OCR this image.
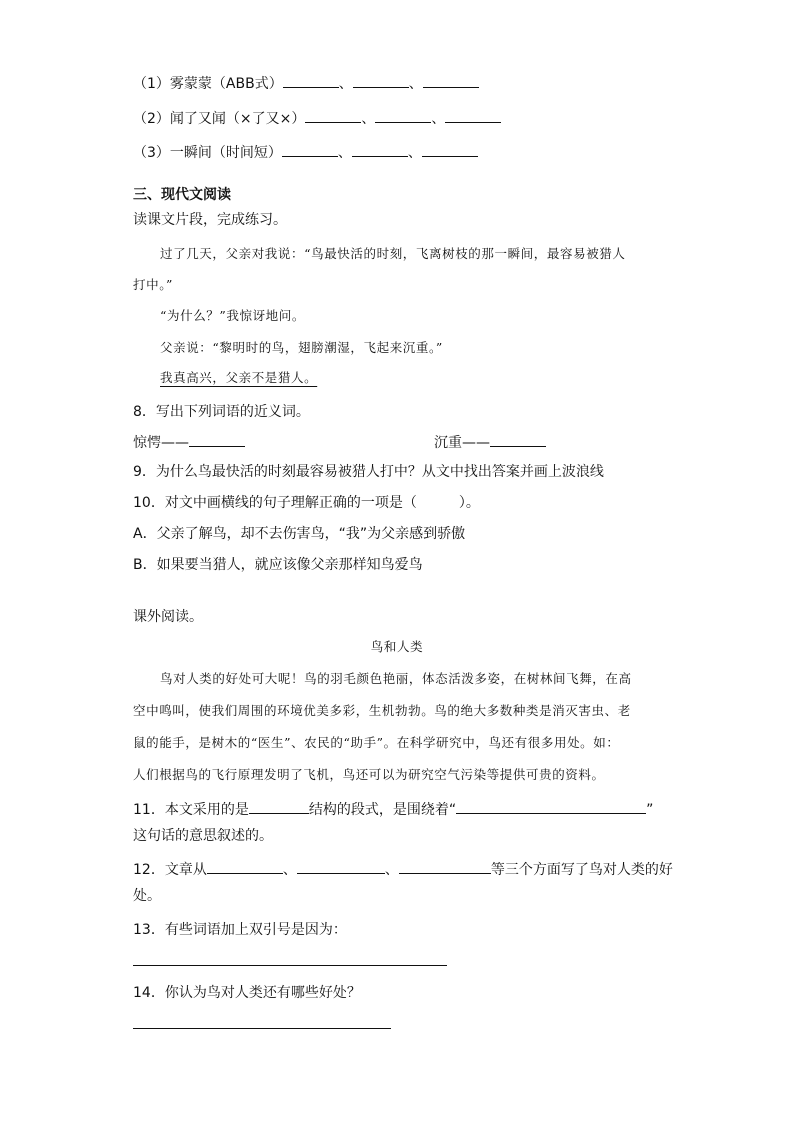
（1）雾蒙蒙（ABB式）	、	、
（2）闻了又闻（×了又×）	、	、
（3）一瞬间（时间短）	、	、
三、现代文阅读
读课文片段，完成练习。
过了几天，父亲对我说：“鸟最快活的时刻，飞离树枝的那一瞬间，最容易被猎人
打中。”
“为什么？”我惊讶地问。
父亲说：“黎明时的鸟，翅膀潮湿，飞起来沉重。”
我真高兴，父亲不是猎人。
8．写出下列词语的近义词。
惊愕——	沉重——
9．为什么鸟最快活的时刻最容易被猎人打中？从文中找出答案并画上波浪线
10．对文中画横线的句子理解正确的一项是（　　　）。
A．父亲了解鸟，却不去伤害鸟，“我”为父亲感到骄傲
B．如果要当猎人，就应该像父亲那样知鸟爱鸟
课外阅读。
鸟和人类
鸟对人类的好处可大呢！鸟的羽毛颜色艳丽，体态活泼多姿，在树林间飞舞，在高
空中鸣叫，使我们周围的环境优美多彩，生机勃勃。鸟的绝大多数种类是消灭害虫、老
鼠的能手，是树木的“医生”、农民的“助手”。在科学研究中，鸟还有很多用处。如：
人们根据鸟的飞行原理发明了飞机，鸟还可以为研究空气污染等提供可贵的资料。
11．本文采用的是	结构的段式，是围绕着“	”
这句话的意思叙述的。
12．文章从	、	、	等三个方面写了鸟对人类的好
处。
13．有些词语加上双引号是因为：
14．你认为鸟对人类还有哪些好处？
